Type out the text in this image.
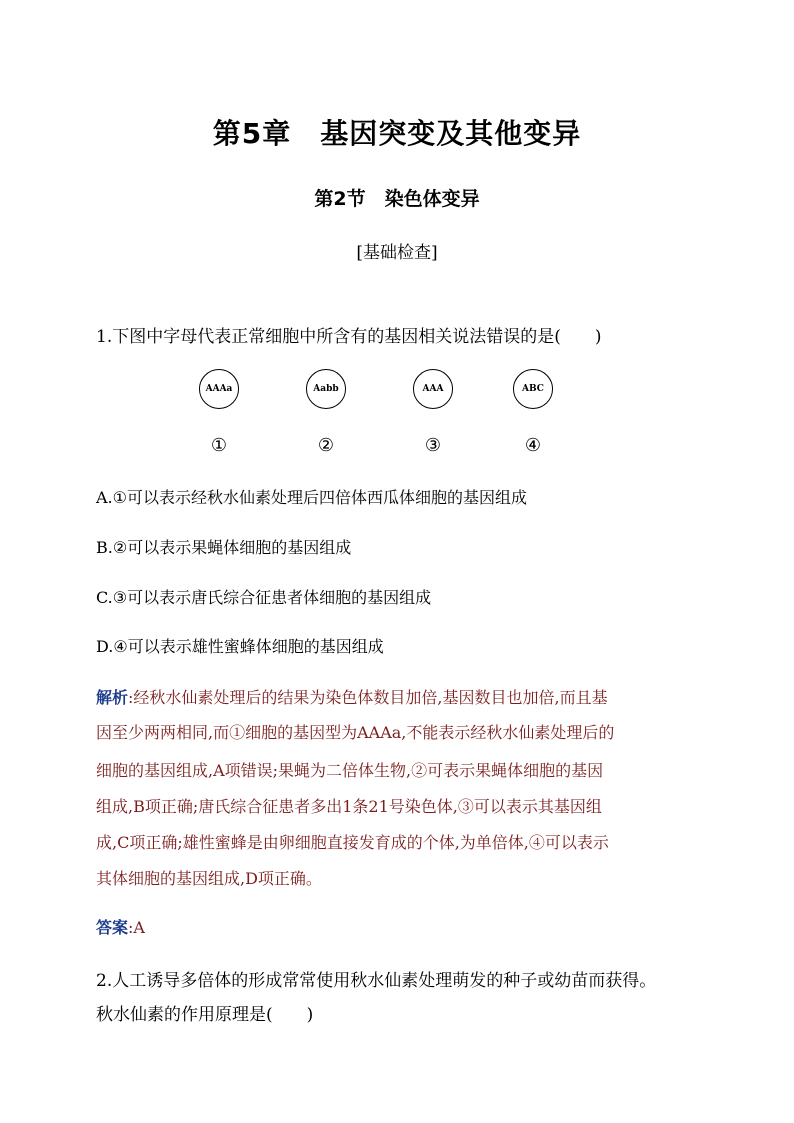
第5章　基因突变及其他变异
第2节　染色体变异
[基础检查]
1.下图中字母代表正常细胞中所含有的基因相关说法错误的是(　　)
AAAa	Aabb	AAA	ABC
①	②	③	④
A.①可以表示经秋水仙素处理后四倍体西瓜体细胞的基因组成
B.②可以表示果蝇体细胞的基因组成
C.③可以表示唐氏综合征患者体细胞的基因组成
D.④可以表示雄性蜜蜂体细胞的基因组成
解析:经秋水仙素处理后的结果为染色体数目加倍,基因数目也加倍,而且基
因至少两两相同,而①细胞的基因型为AAAa,不能表示经秋水仙素处理后的
细胞的基因组成,A项错误;果蝇为二倍体生物,②可表示果蝇体细胞的基因
组成,B项正确;唐氏综合征患者多出1条21号染色体,③可以表示其基因组
成,C项正确;雄性蜜蜂是由卵细胞直接发育成的个体,为单倍体,④可以表示
其体细胞的基因组成,D项正确。
答案:A
2.人工诱导多倍体的形成常常使用秋水仙素处理萌发的种子或幼苗而获得。
秋水仙素的作用原理是(　　)
